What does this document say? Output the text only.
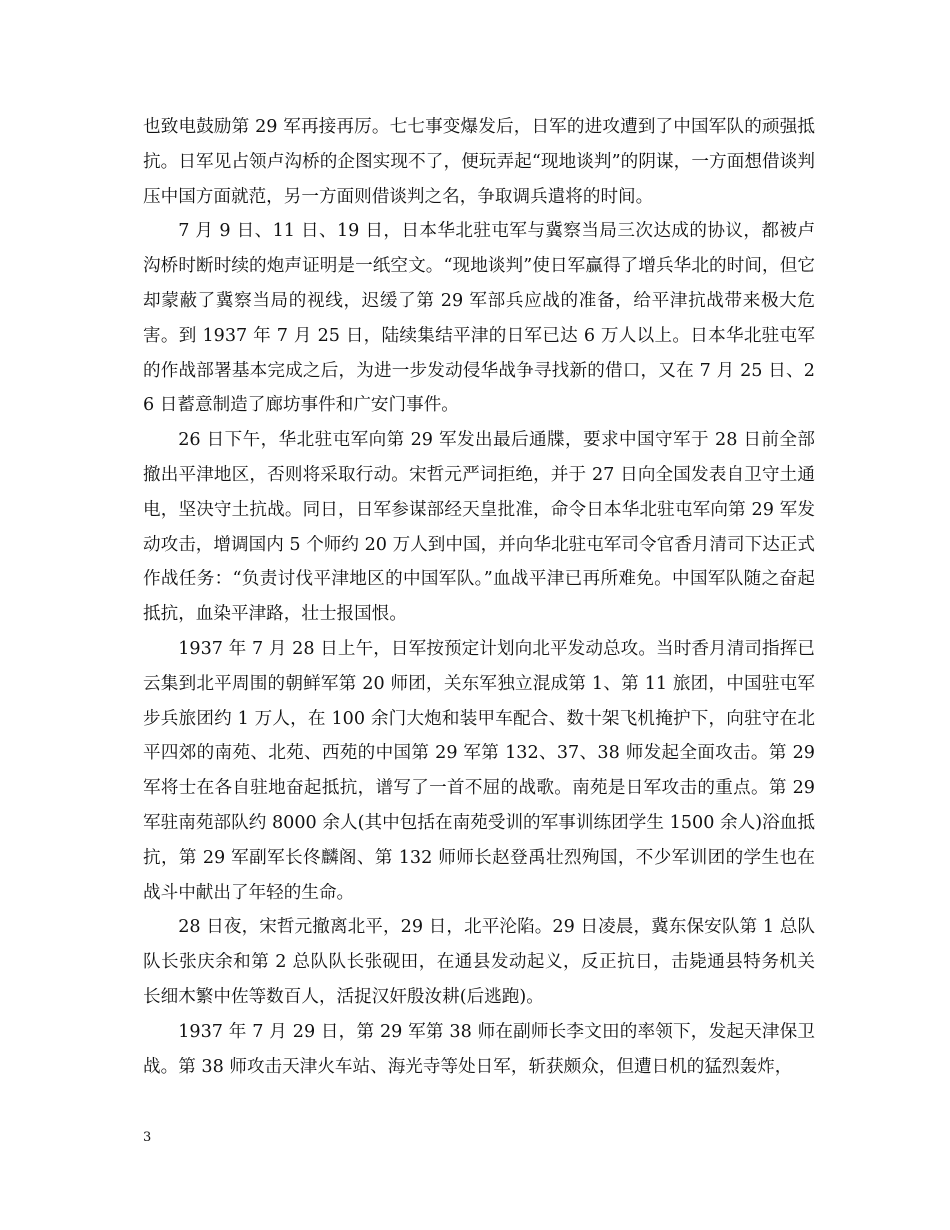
也致电鼓励第 29 军再接再厉。七七事变爆发后，日军的进攻遭到了中国军队的顽强抵抗。日军见占领卢沟桥的企图实现不了，便玩弄起“现地谈判”的阴谋，一方面想借谈判压中国方面就范，另一方面则借谈判之名，争取调兵遣将的时间。

7 月 9 日、11 日、19 日，日本华北驻屯军与冀察当局三次达成的协议，都被卢沟桥时断时续的炮声证明是一纸空文。“现地谈判”使日军赢得了增兵华北的时间，但它却蒙蔽了冀察当局的视线，迟缓了第 29 军部兵应战的准备，给平津抗战带来极大危害。到 1937 年 7 月 25 日，陆续集结平津的日军已达 6 万人以上。日本华北驻屯军的作战部署基本完成之后，为进一步发动侵华战争寻找新的借口，又在 7 月 25 日、26 日蓄意制造了廊坊事件和广安门事件。

26 日下午，华北驻屯军向第 29 军发出最后通牒，要求中国守军于 28 日前全部撤出平津地区，否则将采取行动。宋哲元严词拒绝，并于 27 日向全国发表自卫守土通电，坚决守土抗战。同日，日军参谋部经天皇批准，命令日本华北驻屯军向第 29 军发动攻击，增调国内 5 个师约 20 万人到中国，并向华北驻屯军司令官香月清司下达正式作战任务：“负责讨伐平津地区的中国军队。”血战平津已再所难免。中国军队随之奋起抵抗，血染平津路，壮士报国恨。

1937 年 7 月 28 日上午，日军按预定计划向北平发动总攻。当时香月清司指挥已云集到北平周围的朝鲜军第 20 师团，关东军独立混成第 1、第 11 旅团，中国驻屯军步兵旅团约 1 万人，在 100 余门大炮和装甲车配合、数十架飞机掩护下，向驻守在北平四郊的南苑、北苑、西苑的中国第 29 军第 132、37、38 师发起全面攻击。第 29 军将士在各自驻地奋起抵抗，谱写了一首不屈的战歌。南苑是日军攻击的重点。第 29 军驻南苑部队约 8000 余人(其中包括在南苑受训的军事训练团学生 1500 余人)浴血抵抗，第 29 军副军长佟麟阁、第 132 师师长赵登禹壮烈殉国，不少军训团的学生也在战斗中献出了年轻的生命。

28 日夜，宋哲元撤离北平，29 日，北平沦陷。29 日凌晨，冀东保安队第 1 总队队长张庆余和第 2 总队队长张砚田，在通县发动起义，反正抗日，击毙通县特务机关长细木繁中佐等数百人，活捉汉奸殷汝耕(后逃跑)。

1937 年 7 月 29 日，第 29 军第 38 师在副师长李文田的率领下，发起天津保卫战。第 38 师攻击天津火车站、海光寺等处日军，斩获颇众，但遭日机的猛烈轰炸，

3
